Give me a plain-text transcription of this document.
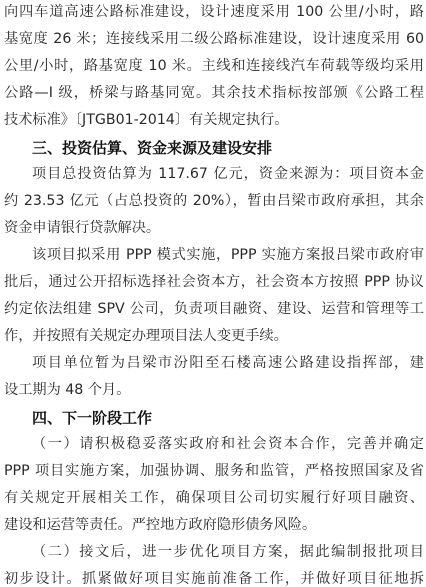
向四车道高速公路标准建设，设计速度采用 100 公里/小时，路
基宽度 26 米；连接线采用二级公路标准建设，设计速度采用 60
公里/小时，路基宽度 10 米。主线和连接线汽车荷载等级均采用
公路—I 级，桥梁与路基同宽。其余技术指标按部颁《公路工程
技术标准》〔JTGB01-2014〕有关规定执行。
三、投资估算、资金来源及建设安排
项目总投资估算为 117.67 亿元，资金来源为：项目资本金
约 23.53 亿元（占总投资的 20%），暂由吕梁市政府承担，其余
资金申请银行贷款解决。
该项目拟采用 PPP 模式实施，PPP 实施方案报吕梁市政府审
批后，通过公开招标选择社会资本方，社会资本方按照 PPP 协议
约定依法组建 SPV 公司，负责项目融资、建设、运营和管理等工
作，并按照有关规定办理项目法人变更手续。
项目单位暂为吕梁市汾阳至石楼高速公路建设指挥部，建
设工期为 48 个月。
四、下一阶段工作
（一）请积极稳妥落实政府和社会资本合作，完善并确定
PPP 项目实施方案，加强协调、服务和监管，严格按照国家及省
有关规定开展相关工作，确保项目公司切实履行好项目融资、
建设和运营等责任。严控地方政府隐形债务风险。
（二）接文后，进一步优化项目方案，据此编制报批项目
初步设计。抓紧做好项目实施前准备工作，并做好项目征地拆
